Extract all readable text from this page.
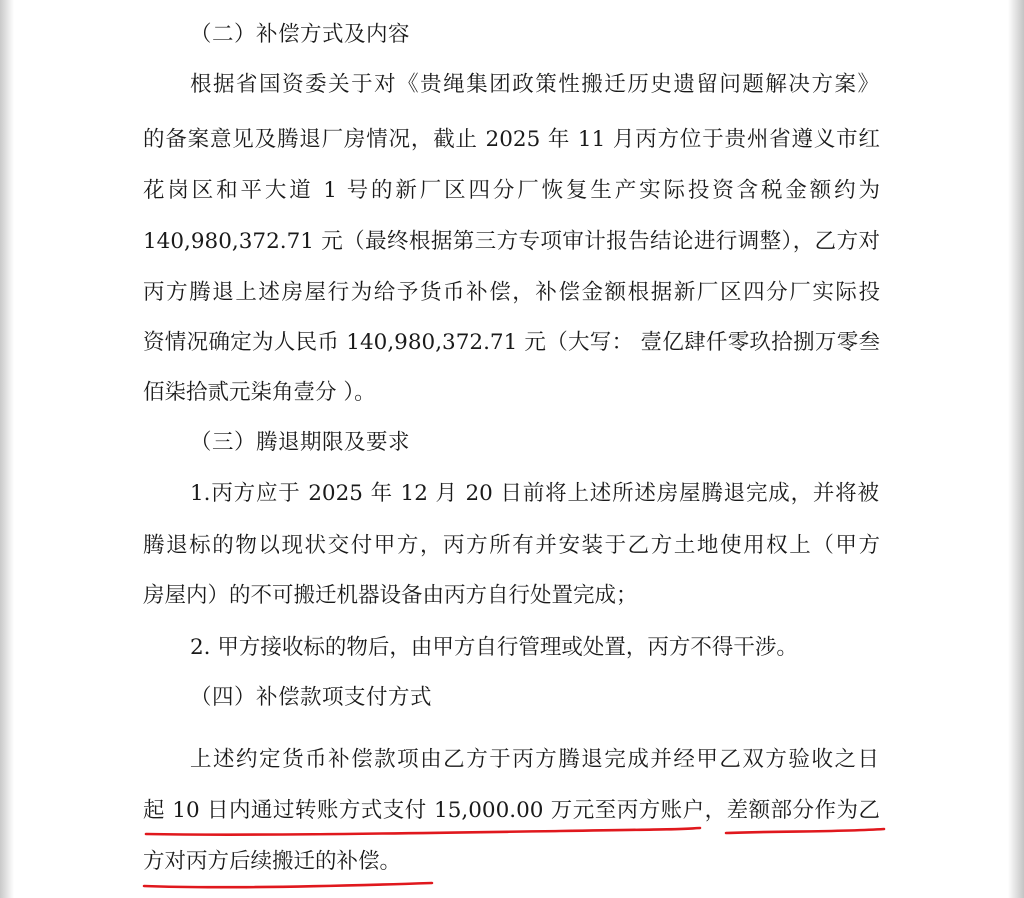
（二）补偿方式及内容
根据省国资委关于对《贵绳集团政策性搬迁历史遗留问题解决方案》
的备案意见及腾退厂房情况，截止 2025 年 11 月丙方位于贵州省遵义市红
花岗区和平大道 1 号的新厂区四分厂恢复生产实际投资含税金额约为
140,980,372.71 元（最终根据第三方专项审计报告结论进行调整），乙方对
丙方腾退上述房屋行为给予货币补偿，补偿金额根据新厂区四分厂实际投
资情况确定为人民币 140,980,372.71 元（大写： 壹亿肆仟零玖拾捌万零叁
佰柒拾贰元柒角壹分 ）。
（三）腾退期限及要求
1.丙方应于 2025 年 12 月 20 日前将上述所述房屋腾退完成，并将被
腾退标的物以现状交付甲方，丙方所有并安装于乙方土地使用权上（甲方
房屋内）的不可搬迁机器设备由丙方自行处置完成；
2. 甲方接收标的物后，由甲方自行管理或处置，丙方不得干涉。
（四）补偿款项支付方式
上述约定货币补偿款项由乙方于丙方腾退完成并经甲乙双方验收之日
起 10 日内通过转账方式支付 15,000.00 万元至丙方账户，差额部分作为乙
方对丙方后续搬迁的补偿。
